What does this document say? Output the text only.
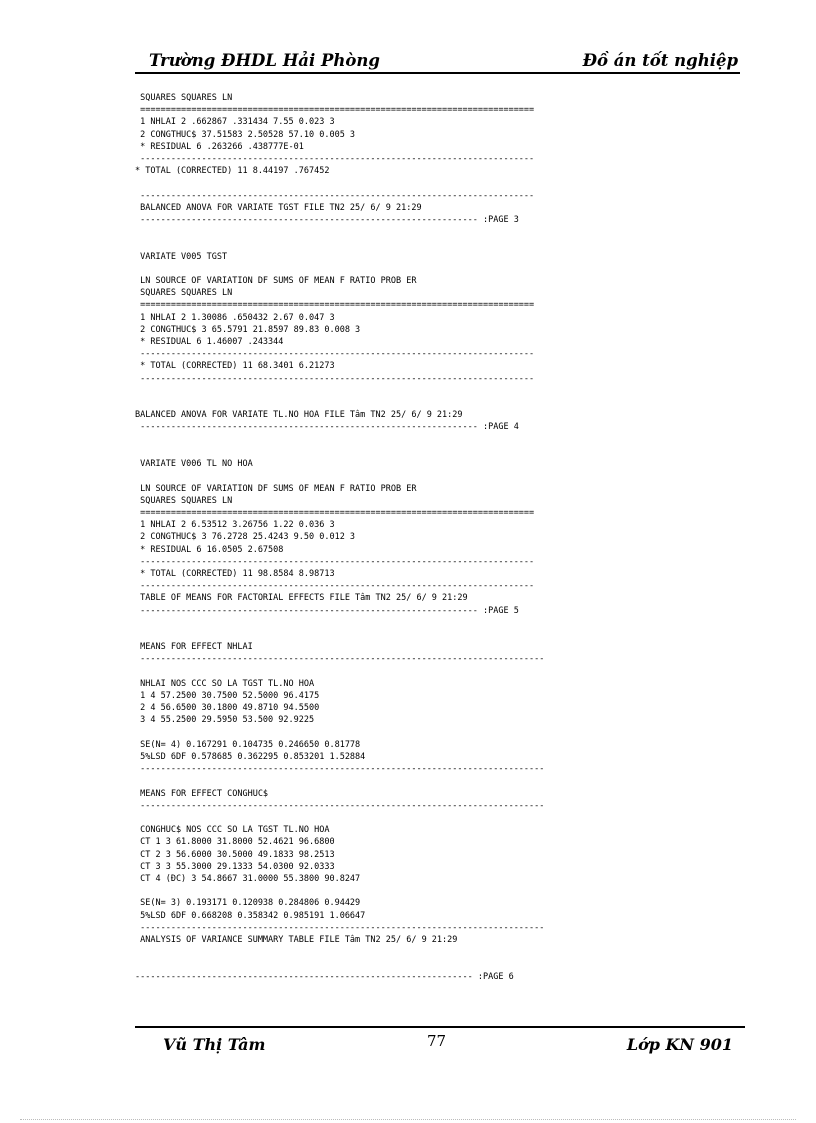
Trường ĐHDL Hải Phòng	Đồ án tốt nghiệp
SQUARES SQUARES LN
=============================================================================
1 NHLAI 2 .662867 .331434 7.55 0.023 3
2 CONGTHUC$ 37.51583 2.50528 57.10 0.005 3
* RESIDUAL 6 .263266 .438777E-01
-----------------------------------------------------------------------------
* TOTAL (CORRECTED) 11 8.44197 .767452

-----------------------------------------------------------------------------
BALANCED ANOVA FOR VARIATE TGST FILE TN2 25/ 6/ 9 21:29
------------------------------------------------------------------ :PAGE 3

VARIATE V005 TGST

LN SOURCE OF VARIATION DF SUMS OF MEAN F RATIO PROB ER
SQUARES SQUARES LN
=============================================================================
1 NHLAI 2 1.30086 .650432 2.67 0.047 3
2 CONGTHUC$ 3 65.5791 21.8597 89.83 0.008 3
* RESIDUAL 6 1.46007 .243344
-----------------------------------------------------------------------------
* TOTAL (CORRECTED) 11 68.3401 6.21273
-----------------------------------------------------------------------------

BALANCED ANOVA FOR VARIATE TL.NO HOA FILE Tâm TN2 25/ 6/ 9 21:29
------------------------------------------------------------------ :PAGE 4

VARIATE V006 TL NO HOA

LN SOURCE OF VARIATION DF SUMS OF MEAN F RATIO PROB ER
SQUARES SQUARES LN
=============================================================================
1 NHLAI 2 6.53512 3.26756 1.22 0.036 3
2 CONGTHUC$ 3 76.2728 25.4243 9.50 0.012 3
* RESIDUAL 6 16.0505 2.67508
-----------------------------------------------------------------------------
* TOTAL (CORRECTED) 11 98.8584 8.98713
-----------------------------------------------------------------------------
TABLE OF MEANS FOR FACTORIAL EFFECTS FILE Tâm TN2 25/ 6/ 9 21:29
------------------------------------------------------------------ :PAGE 5

MEANS FOR EFFECT NHLAI
-------------------------------------------------------------------------------

NHLAI NOS CCC SO LA TGST TL.NO HOA
1 4 57.2500 30.7500 52.5000 96.4175
2 4 56.6500 30.1800 49.8710 94.5500
3 4 55.2500 29.5950 53.500 92.9225

SE(N= 4) 0.167291 0.104735 0.246650 0.81778
5%LSD 6DF 0.578685 0.362295 0.853201 1.52884
-------------------------------------------------------------------------------

MEANS FOR EFFECT CONGHUC$
-------------------------------------------------------------------------------

CONGHUC$ NOS CCC SO LA TGST TL.NO HOA
CT 1 3 61.8000 31.8000 52.4621 96.6800
CT 2 3 56.6000 30.5000 49.1833 98.2513
CT 3 3 55.3000 29.1333 54.0300 92.0333
CT 4 (ĐC) 3 54.8667 31.0000 55.3800 90.8247

SE(N= 3) 0.193171 0.120938 0.284806 0.94429
5%LSD 6DF 0.668208 0.358342 0.985191 1.06647
-------------------------------------------------------------------------------
ANALYSIS OF VARIANCE SUMMARY TABLE FILE Tâm TN2 25/ 6/ 9 21:29

------------------------------------------------------------------ :PAGE 6
Vũ Thị Tâm	77	Lớp KN 901
